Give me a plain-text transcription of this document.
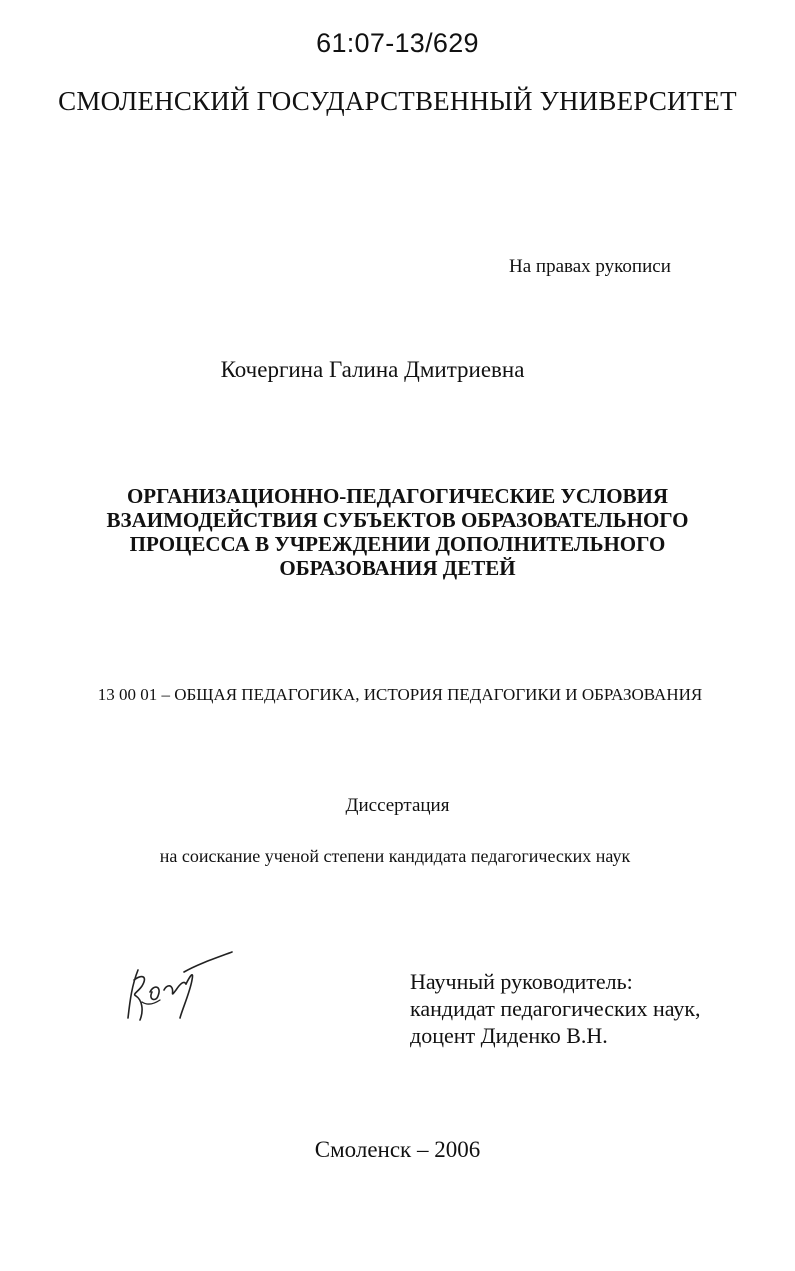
61:07-13/629
СМОЛЕНСКИЙ ГОСУДАРСТВЕННЫЙ УНИВЕРСИТЕТ
На правах рукописи
Кочергина Галина Дмитриевна
ОРГАНИЗАЦИОННО-ПЕДАГОГИЧЕСКИЕ УСЛОВИЯ
ВЗАИМОДЕЙСТВИЯ СУБЪЕКТОВ ОБРАЗОВАТЕЛЬНОГО
ПРОЦЕССА В УЧРЕЖДЕНИИ ДОПОЛНИТЕЛЬНОГО
ОБРАЗОВАНИЯ ДЕТЕЙ
13 00 01 – ОБЩАЯ ПЕДАГОГИКА, ИСТОРИЯ ПЕДАГОГИКИ И ОБРАЗОВАНИЯ
Диссертация
на соискание ученой степени кандидата педагогических наук
Научный руководитель:
кандидат педагогических наук,
доцент Диденко В.Н.
Смоленск – 2006
